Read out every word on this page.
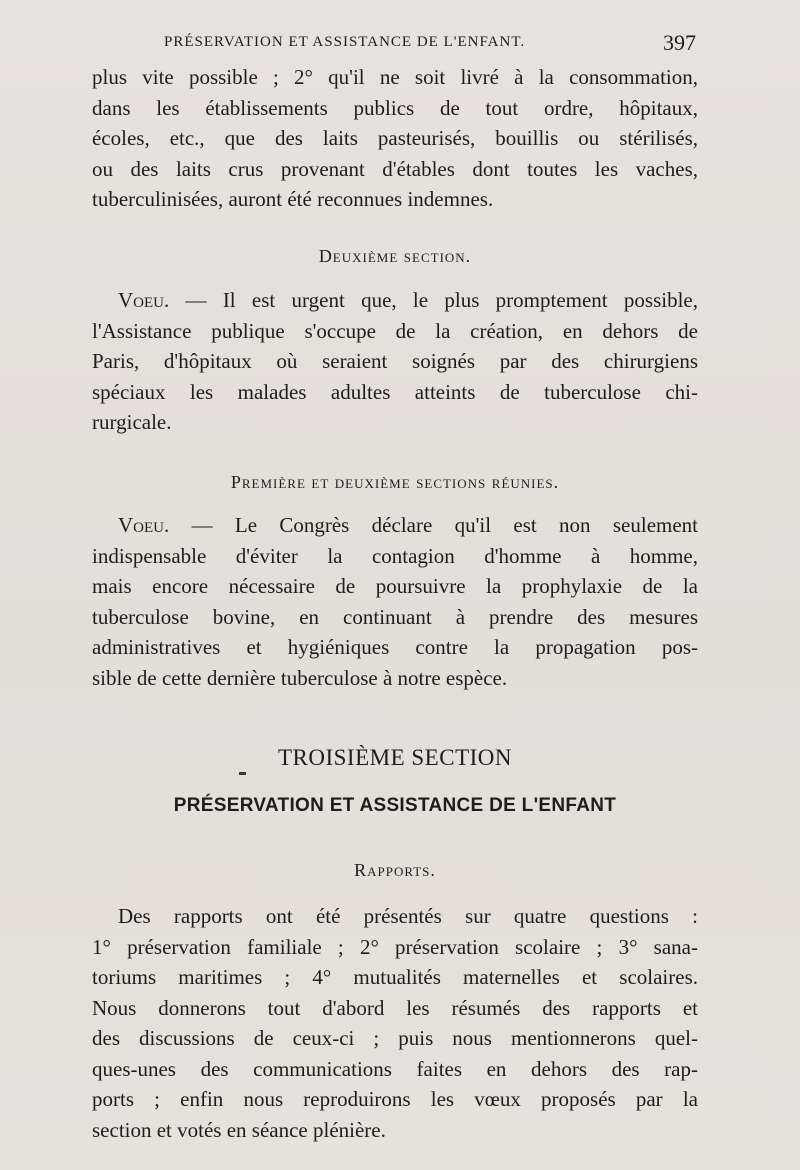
PRÉSERVATION ET ASSISTANCE DE L'ENFANT.	397
plus vite possible ; 2° qu'il ne soit livré à la consommation,
dans les établissements publics de tout ordre, hôpitaux,
écoles, etc., que des laits pasteurisés, bouillis ou stérilisés,
ou des laits crus provenant d'étables dont toutes les vaches,
tuberculinisées, auront été reconnues indemnes.
Deuxième section.
Voeu. — Il est urgent que, le plus promptement possible,
l'Assistance publique s'occupe de la création, en dehors de
Paris, d'hôpitaux où seraient soignés par des chirurgiens
spéciaux les malades adultes atteints de tuberculose chi-
rurgicale.
Première et deuxième sections réunies.
Voeu. — Le Congrès déclare qu'il est non seulement
indispensable d'éviter la contagion d'homme à homme,
mais encore nécessaire de poursuivre la prophylaxie de la
tuberculose bovine, en continuant à prendre des mesures
administratives et hygiéniques contre la propagation pos-
sible de cette dernière tuberculose à notre espèce.
TROISIÈME SECTION
PRÉSERVATION ET ASSISTANCE DE L'ENFANT
Rapports.
Des rapports ont été présentés sur quatre questions :
1° préservation familiale ; 2° préservation scolaire ; 3° sana-
toriums maritimes ; 4° mutualités maternelles et scolaires.
Nous donnerons tout d'abord les résumés des rapports et
des discussions de ceux-ci ; puis nous mentionnerons quel-
ques-unes des communications faites en dehors des rap-
ports ; enfin nous reproduirons les vœux proposés par la
section et votés en séance plénière.
